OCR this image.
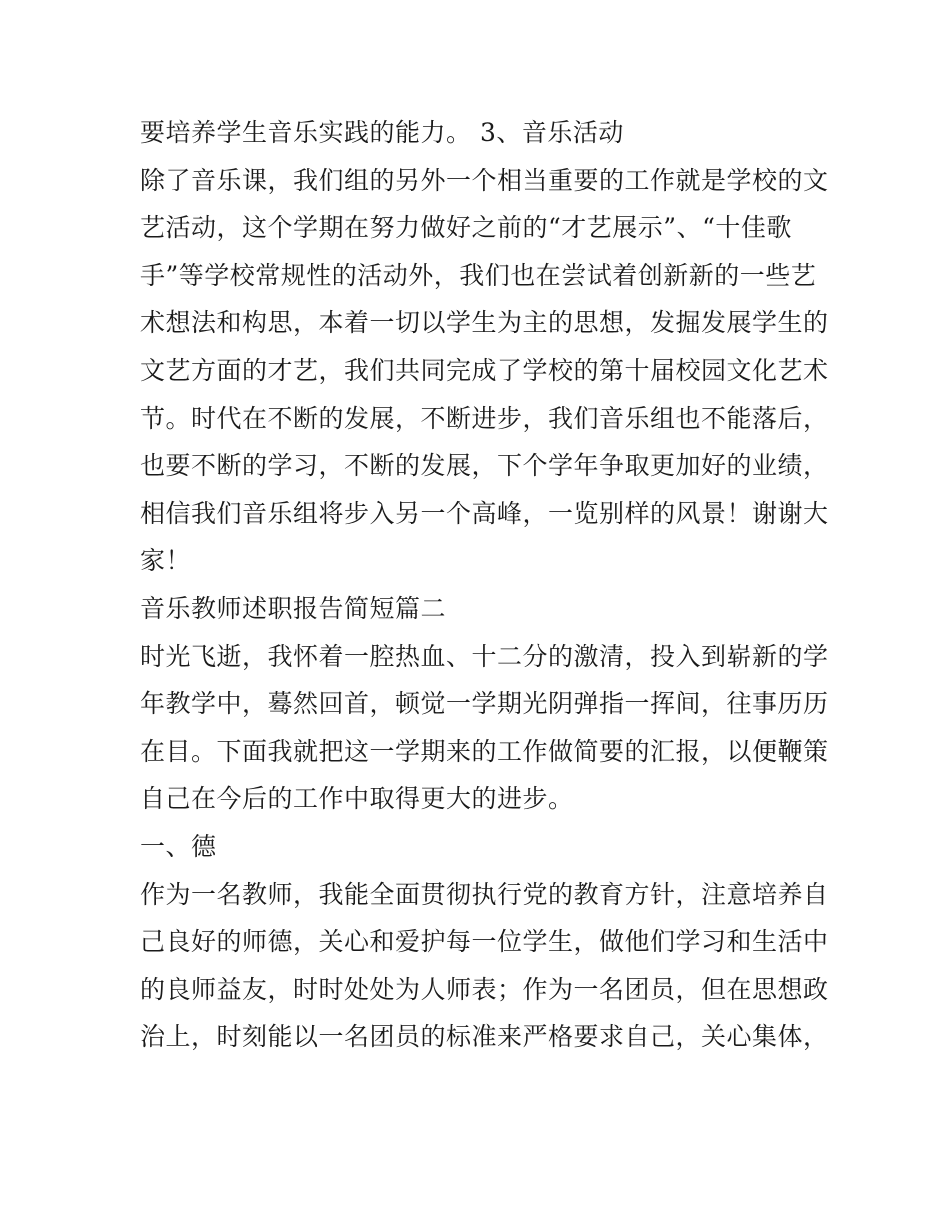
要培养学生音乐实践的能力。 3、音乐活动
除了音乐课，我们组的另外一个相当重要的工作就是学校的文
艺活动，这个学期在努力做好之前的“才艺展示”、“十佳歌
手”等学校常规性的活动外，我们也在尝试着创新新的一些艺
术想法和构思，本着一切以学生为主的思想，发掘发展学生的
文艺方面的才艺，我们共同完成了学校的第十届校园文化艺术
节。时代在不断的发展，不断进步，我们音乐组也不能落后，
也要不断的学习，不断的发展，下个学年争取更加好的业绩，
相信我们音乐组将步入另一个高峰，一览别样的风景！谢谢大
家！
音乐教师述职报告简短篇二
时光飞逝，我怀着一腔热血、十二分的激清，投入到崭新的学
年教学中，蓦然回首，顿觉一学期光阴弹指一挥间，往事历历
在目。下面我就把这一学期来的工作做简要的汇报，以便鞭策
自己在今后的工作中取得更大的进步。
一、德
作为一名教师，我能全面贯彻执行党的教育方针，注意培养自
己良好的师德，关心和爱护每一位学生，做他们学习和生活中
的良师益友，时时处处为人师表；作为一名团员，但在思想政
治上，时刻能以一名团员的标准来严格要求自己，关心集体，
